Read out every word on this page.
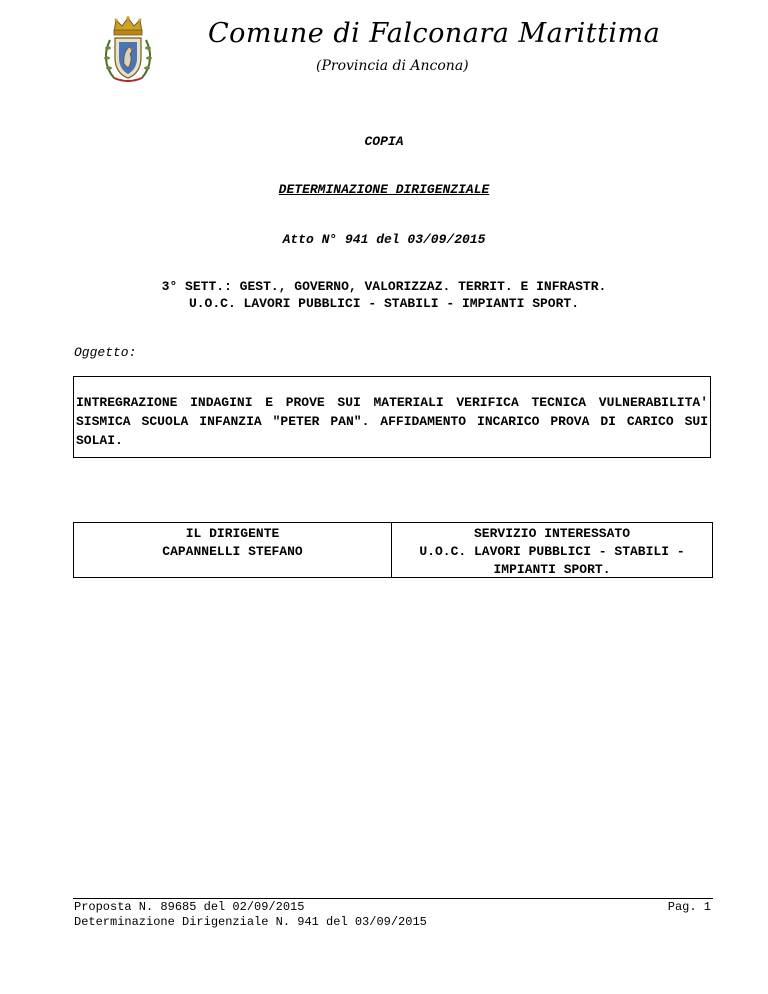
Comune di Falconara Marittima
(Provincia di Ancona)
COPIA
DETERMINAZIONE DIRIGENZIALE
Atto N° 941 del 03/09/2015
3° SETT.: GEST., GOVERNO, VALORIZZAZ. TERRIT. E INFRASTR.
U.O.C. LAVORI PUBBLICI - STABILI - IMPIANTI SPORT.
Oggetto:
INTREGRAZIONE INDAGINI E PROVE SUI MATERIALI VERIFICA TECNICA VULNERABILITA' SISMICA SCUOLA INFANZIA "PETER PAN". AFFIDAMENTO INCARICO PROVA DI CARICO SUI SOLAI.
IL DIRIGENTE
CAPANNELLI STEFANO
SERVIZIO INTERESSATO
U.O.C. LAVORI PUBBLICI - STABILI - IMPIANTI SPORT.
Proposta N. 89685 del 02/09/2015
Determinazione Dirigenziale N. 941 del 03/09/2015
Pag. 1
